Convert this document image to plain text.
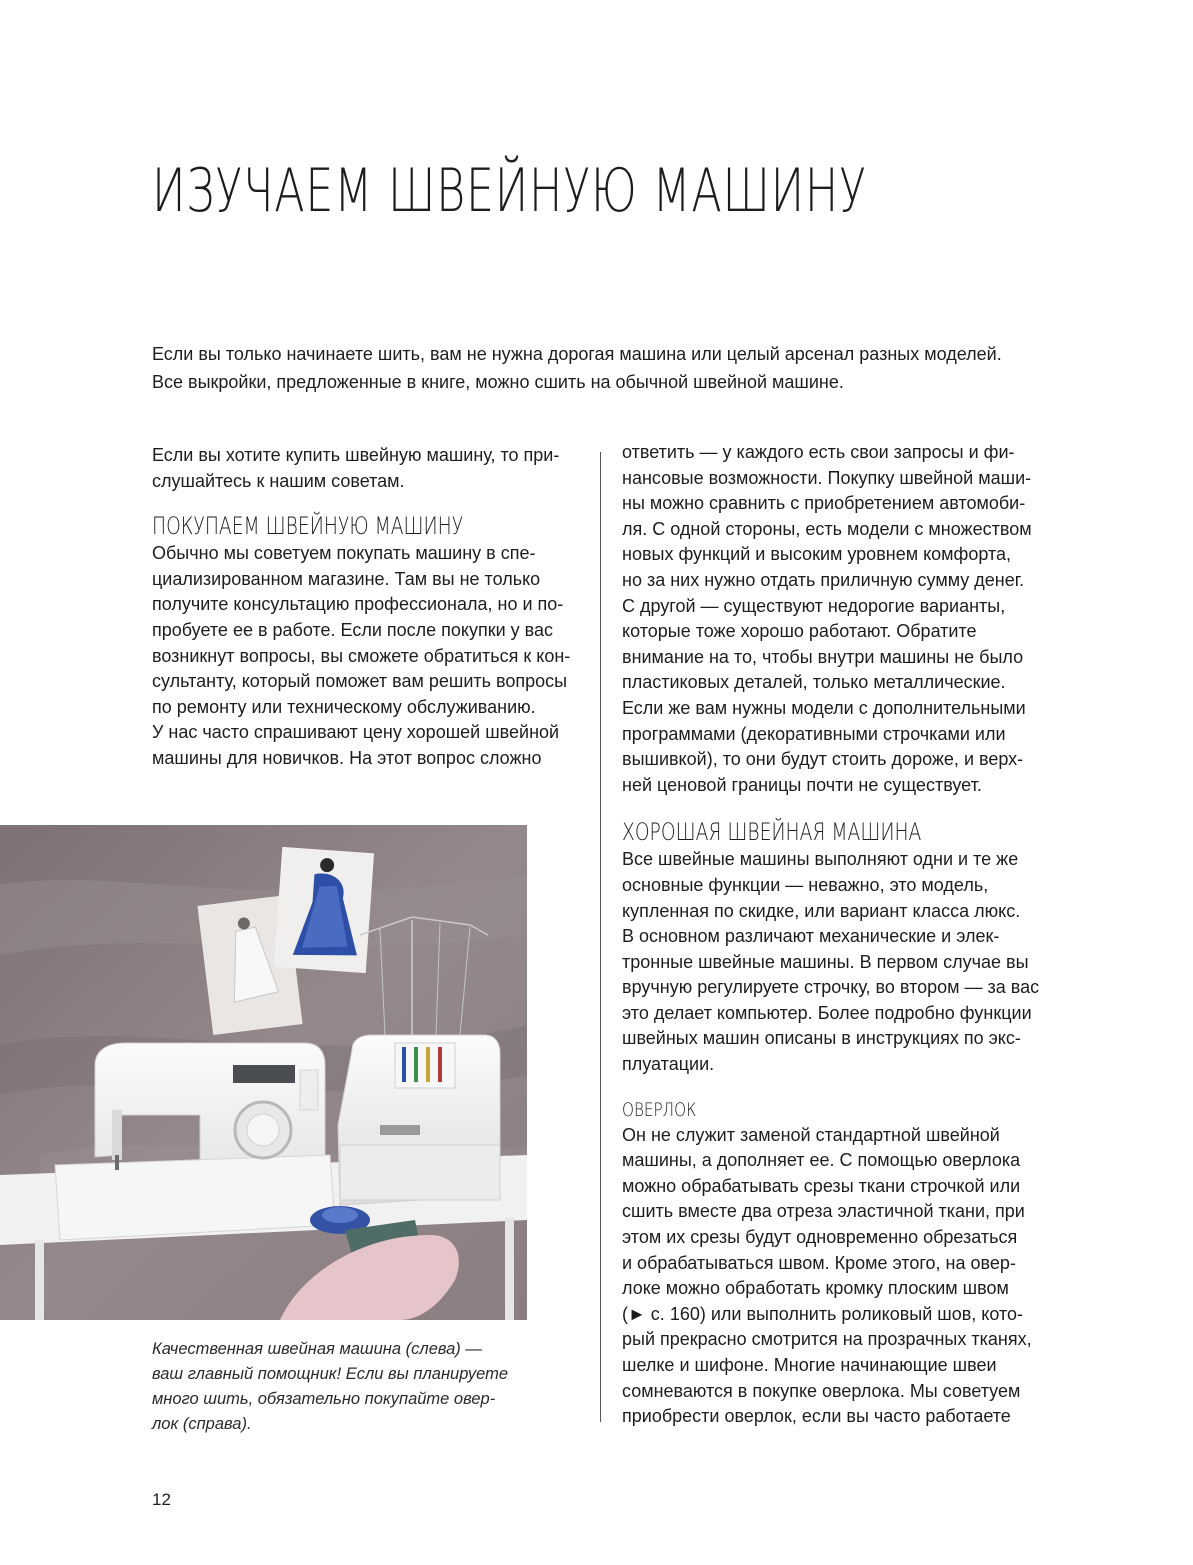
ИЗУЧАЕМ ШВЕЙНУЮ МАШИНУ

Если вы только начинаете шить, вам не нужна дорогая машина или целый арсенал разных моделей.

Все выкройки, предложенные в книге, можно сшить на обычной швейной машине.

Если вы хотите купить швейную машину, то при-
слушайтесь к нашим советам.
ПОКУПАЕМ ШВЕЙНУЮ МАШИНУ
Обычно мы советуем покупать машину в спе-
циализированном магазине. Там вы не только
получите консультацию профессионала, но и по-
пробуете ее в работе. Если после покупки у вас
возникнут вопросы, вы сможете обратиться к кон-
сультанту, который поможет вам решить вопросы
по ремонту или техническому обслуживанию.
У нас часто спрашивают цену хорошей швейной
машины для новичков. На этот вопрос сложно
ответить — у каждого есть свои запросы и фи-
нансовые возможности. Покупку швейной маши-
ны можно сравнить с приобретением автомоби-
ля. С одной стороны, есть модели с множеством
новых функций и высоким уровнем комфорта,
но за них нужно отдать приличную сумму денег.
С другой — существуют недорогие варианты,
которые тоже хорошо работают. Обратите
внимание на то, чтобы внутри машины не было
пластиковых деталей, только металлические.
Если же вам нужны модели с дополнительными
программами (декоративными строчками или
вышивкой), то они будут стоить дороже, и верх-
ней ценовой границы почти не существует.
ХОРОШАЯ ШВЕЙНАЯ МАШИНА
Все швейные машины выполняют одни и те же
основные функции — неважно, это модель,
купленная по скидке, или вариант класса люкс.
В основном различают механические и элек-
тронные швейные машины. В первом случае вы
вручную регулируете строчку, во втором — за вас
это делает компьютер. Более подробно функции
швейных машин описаны в инструкциях по экс-
плуатации.
ОВЕРЛОК
Он не служит заменой стандартной швейной
машины, а дополняет ее. С помощью оверлока
можно обрабатывать срезы ткани строчкой или
сшить вместе два отреза эластичной ткани, при
этом их срезы будут одновременно обрезаться
и обрабатываться швом. Кроме этого, на овер-
локе можно обработать кромку плоским швом
(► с. 160) или выполнить роликовый шов, кото-
рый прекрасно смотрится на прозрачных тканях,
шелке и шифоне. Многие начинающие швеи
сомневаются в покупке оверлока. Мы советуем
приобрести оверлок, если вы часто работаете
Качественная швейная машина (слева) —
ваш главный помощник! Если вы планируете
много шить, обязательно покупайте овер-
лок (справа).
12
